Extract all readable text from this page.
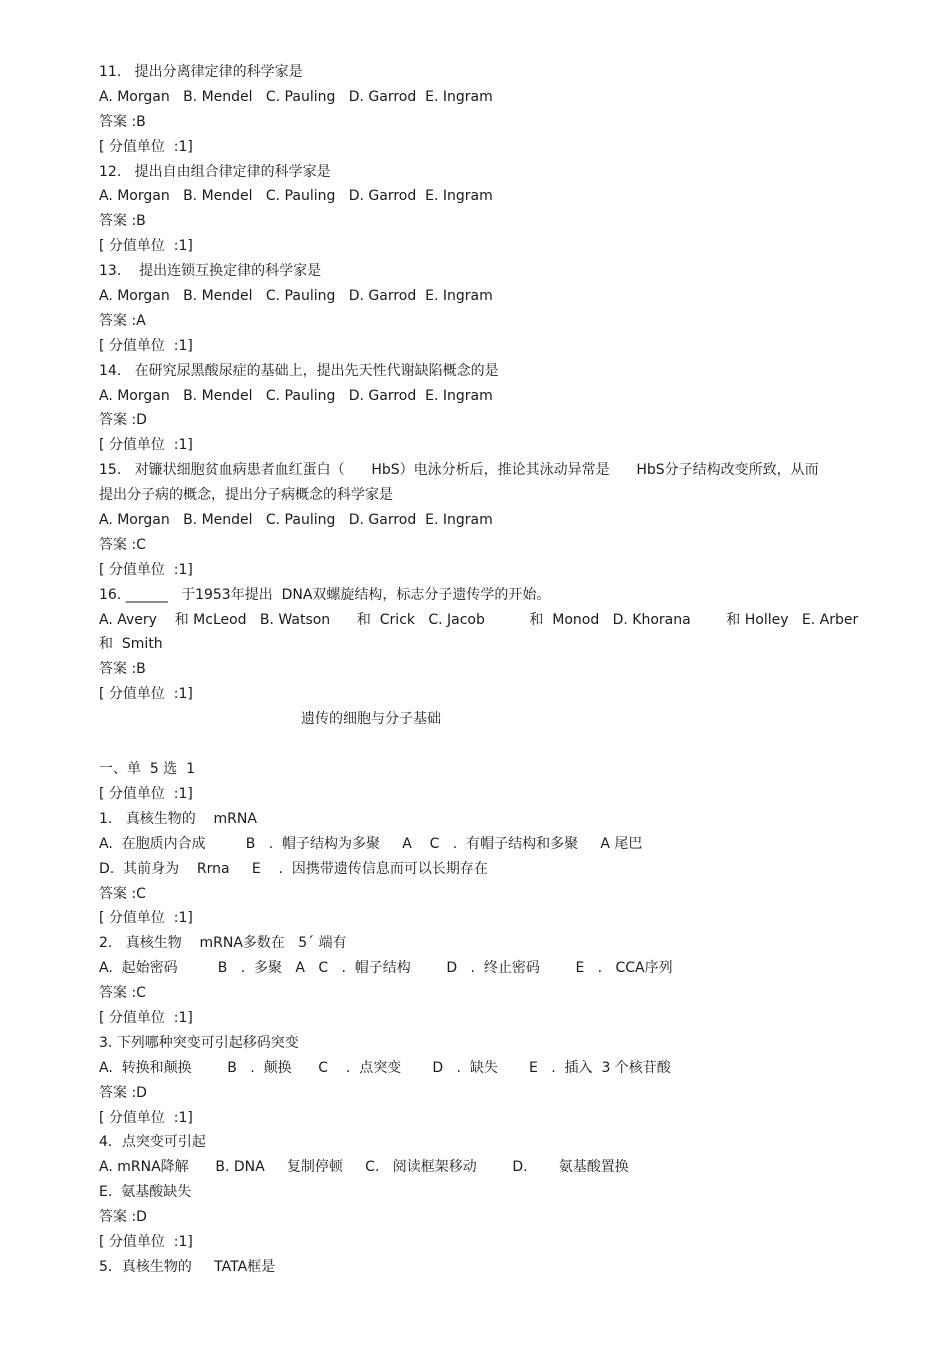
11.   提出分离律定律的科学家是
A. Morgan   B. Mendel   C. Pauling   D. Garrod  E. Ingram
答案 :B
[ 分值单位  :1]
12.   提出自由组合律定律的科学家是
A. Morgan   B. Mendel   C. Pauling   D. Garrod  E. Ingram
答案 :B
[ 分值单位  :1]
13.    提出连锁互换定律的科学家是
A. Morgan   B. Mendel   C. Pauling   D. Garrod  E. Ingram
答案 :A
[ 分值单位  :1]
14.   在研究尿黑酸尿症的基础上，提出先天性代谢缺陷概念的是
A. Morgan   B. Mendel   C. Pauling   D. Garrod  E. Ingram
答案 :D
[ 分值单位  :1]
15.   对镰状细胞贫血病患者血红蛋白（      HbS）电泳分析后，推论其泳动异常是      HbS分子结构改变所致，从而
提出分子病的概念，提出分子病概念的科学家是
A. Morgan   B. Mendel   C. Pauling   D. Garrod  E. Ingram
答案 :C
[ 分值单位  :1]
16. ______   于1953年提出  DNA双螺旋结构，标志分子遗传学的开始。
A. Avery    和 McLeod   B. Watson      和  Crick   C. Jacob          和  Monod   D. Khorana        和 Holley   E. Arber
和  Smith
答案 :B
[ 分值单位  :1]
遗传的细胞与分子基础
一、单  5 选  1
[ 分值单位  :1]
1.   真核生物的    mRNA
A.  在胞质内合成         B   .  帽子结构为多聚     A    C   .  有帽子结构和多聚     A 尾巴
D.  其前身为    Rrna     E    .  因携带遗传信息而可以长期存在
答案 :C
[ 分值单位  :1]
2.   真核生物    mRNA多数在   5´ 端有
A.  起始密码         B   .  多聚   A   C   .  帽子结构        D   .  终止密码        E   .   CCA序列
答案 :C
[ 分值单位  :1]
3. 下列哪种突变可引起移码突变
A.  转换和颠换        B   .  颠换      C    .  点突变       D   .  缺失       E   .  插入  3 个核苷酸
答案 :D
[ 分值单位  :1]
4．点突变可引起
A. mRNA降解      B. DNA     复制停顿     C.   阅读框架移动        D.       氨基酸置换
E.  氨基酸缺失
答案 :D
[ 分值单位  :1]
5．真核生物的     TATA框是
